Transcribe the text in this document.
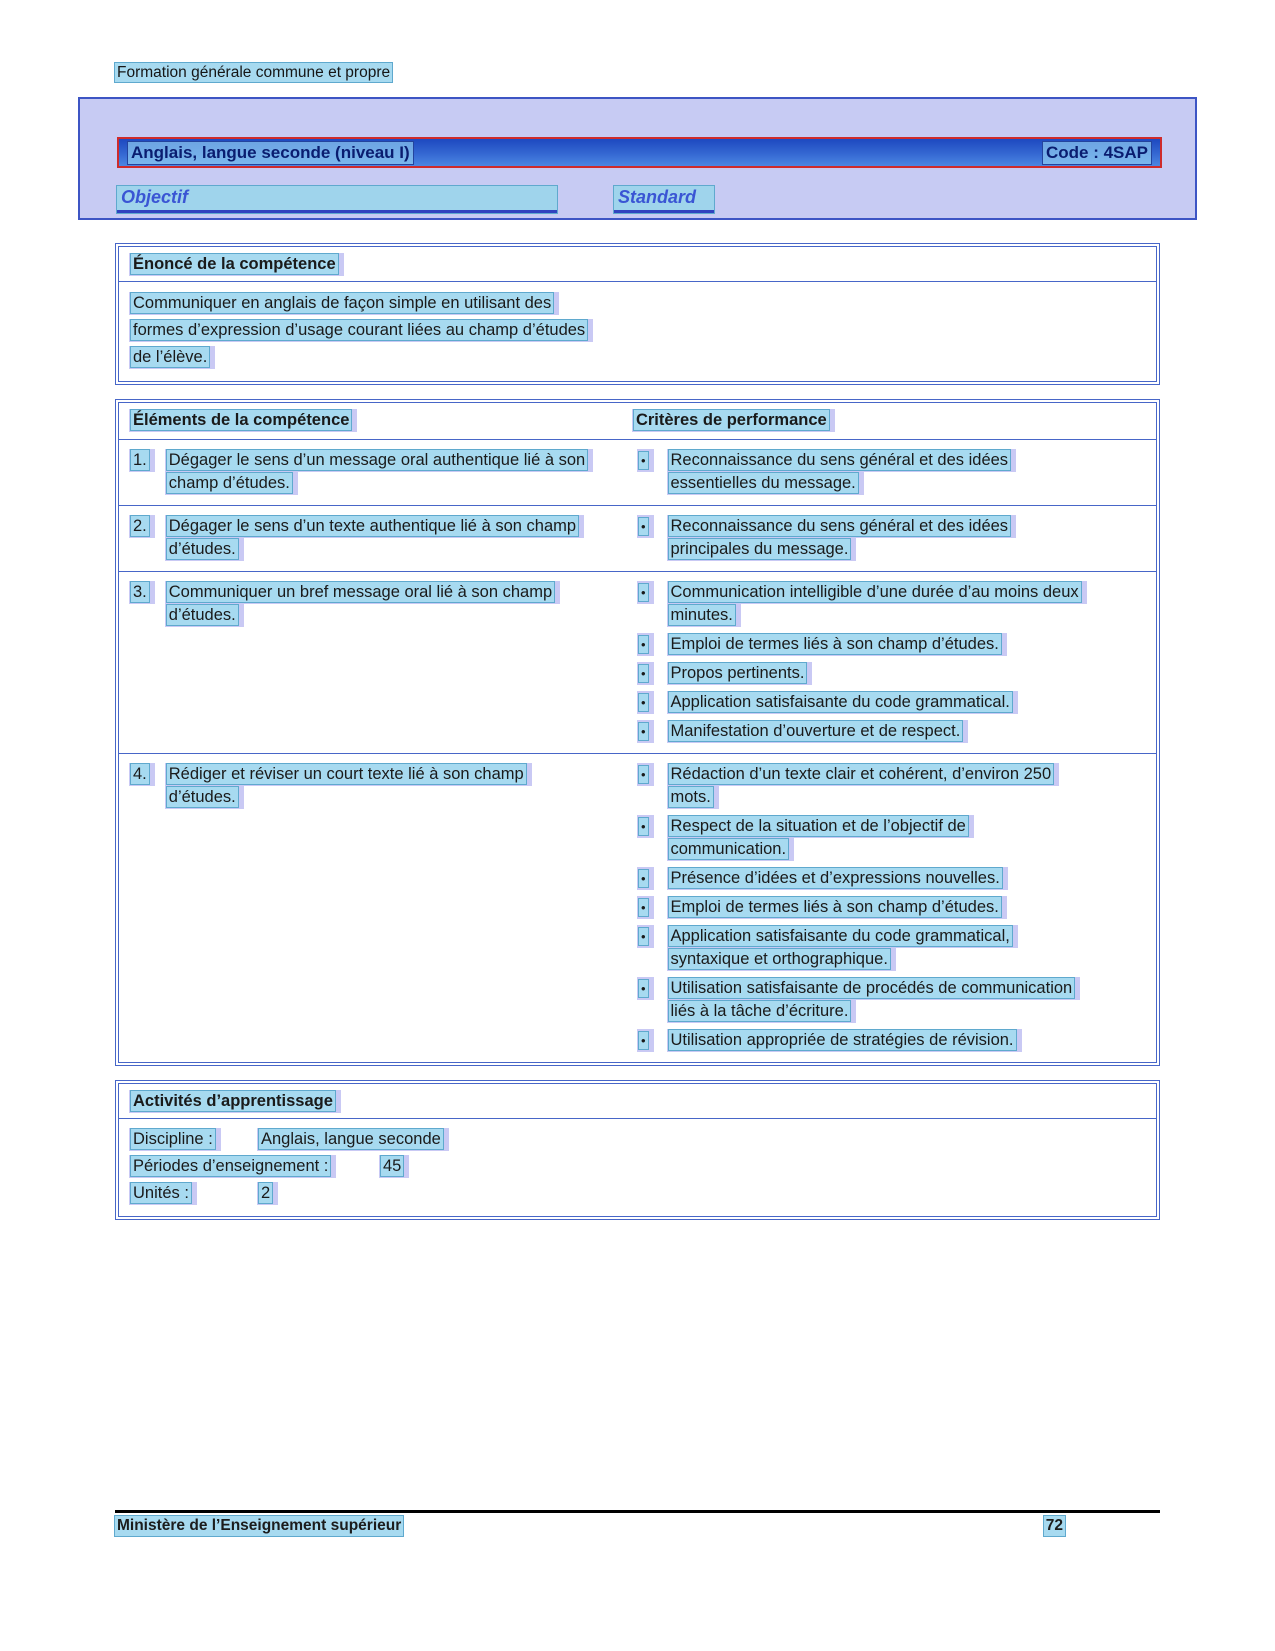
Formation générale commune et propre
Anglais, langue seconde (niveau I)	Code : 4SAP
Objectif	Standard
Énoncé de la compétence

Communiquer en anglais de façon simple en utilisant des formes d’expression d’usage courant liées au champ d’études de l’élève.

Éléments de la compétence	Critères de performance

1.	Dégager le sens d’un message oral authentique lié à son champ d’études.

•	Reconnaissance du sens général et des idées essentielles du message.

2.	Dégager le sens d’un texte authentique lié à son champ d’études.

•	Reconnaissance du sens général et des idées principales du message.

3.	Communiquer un bref message oral lié à son champ d’études.

•	Communication intelligible d’une durée d’au moins deux minutes.
•	Emploi de termes liés à son champ d’études.
•	Propos pertinents.
•	Application satisfaisante du code grammatical.
•	Manifestation d’ouverture et de respect.

4.	Rédiger et réviser un court texte lié à son champ d’études.

•	Rédaction d’un texte clair et cohérent, d’environ 250 mots.
•	Respect de la situation et de l’objectif de communication.
•	Présence d’idées et d’expressions nouvelles.
•	Emploi de termes liés à son champ d’études.
•	Application satisfaisante du code grammatical, syntaxique et orthographique.
•	Utilisation satisfaisante de procédés de communication liés à la tâche d’écriture.
•	Utilisation appropriée de stratégies de révision.
Activités d’apprentissage
Discipline :	Anglais, langue seconde
Périodes d’enseignement :	45
Unités :	2
Ministère de l’Enseignement supérieur	72
